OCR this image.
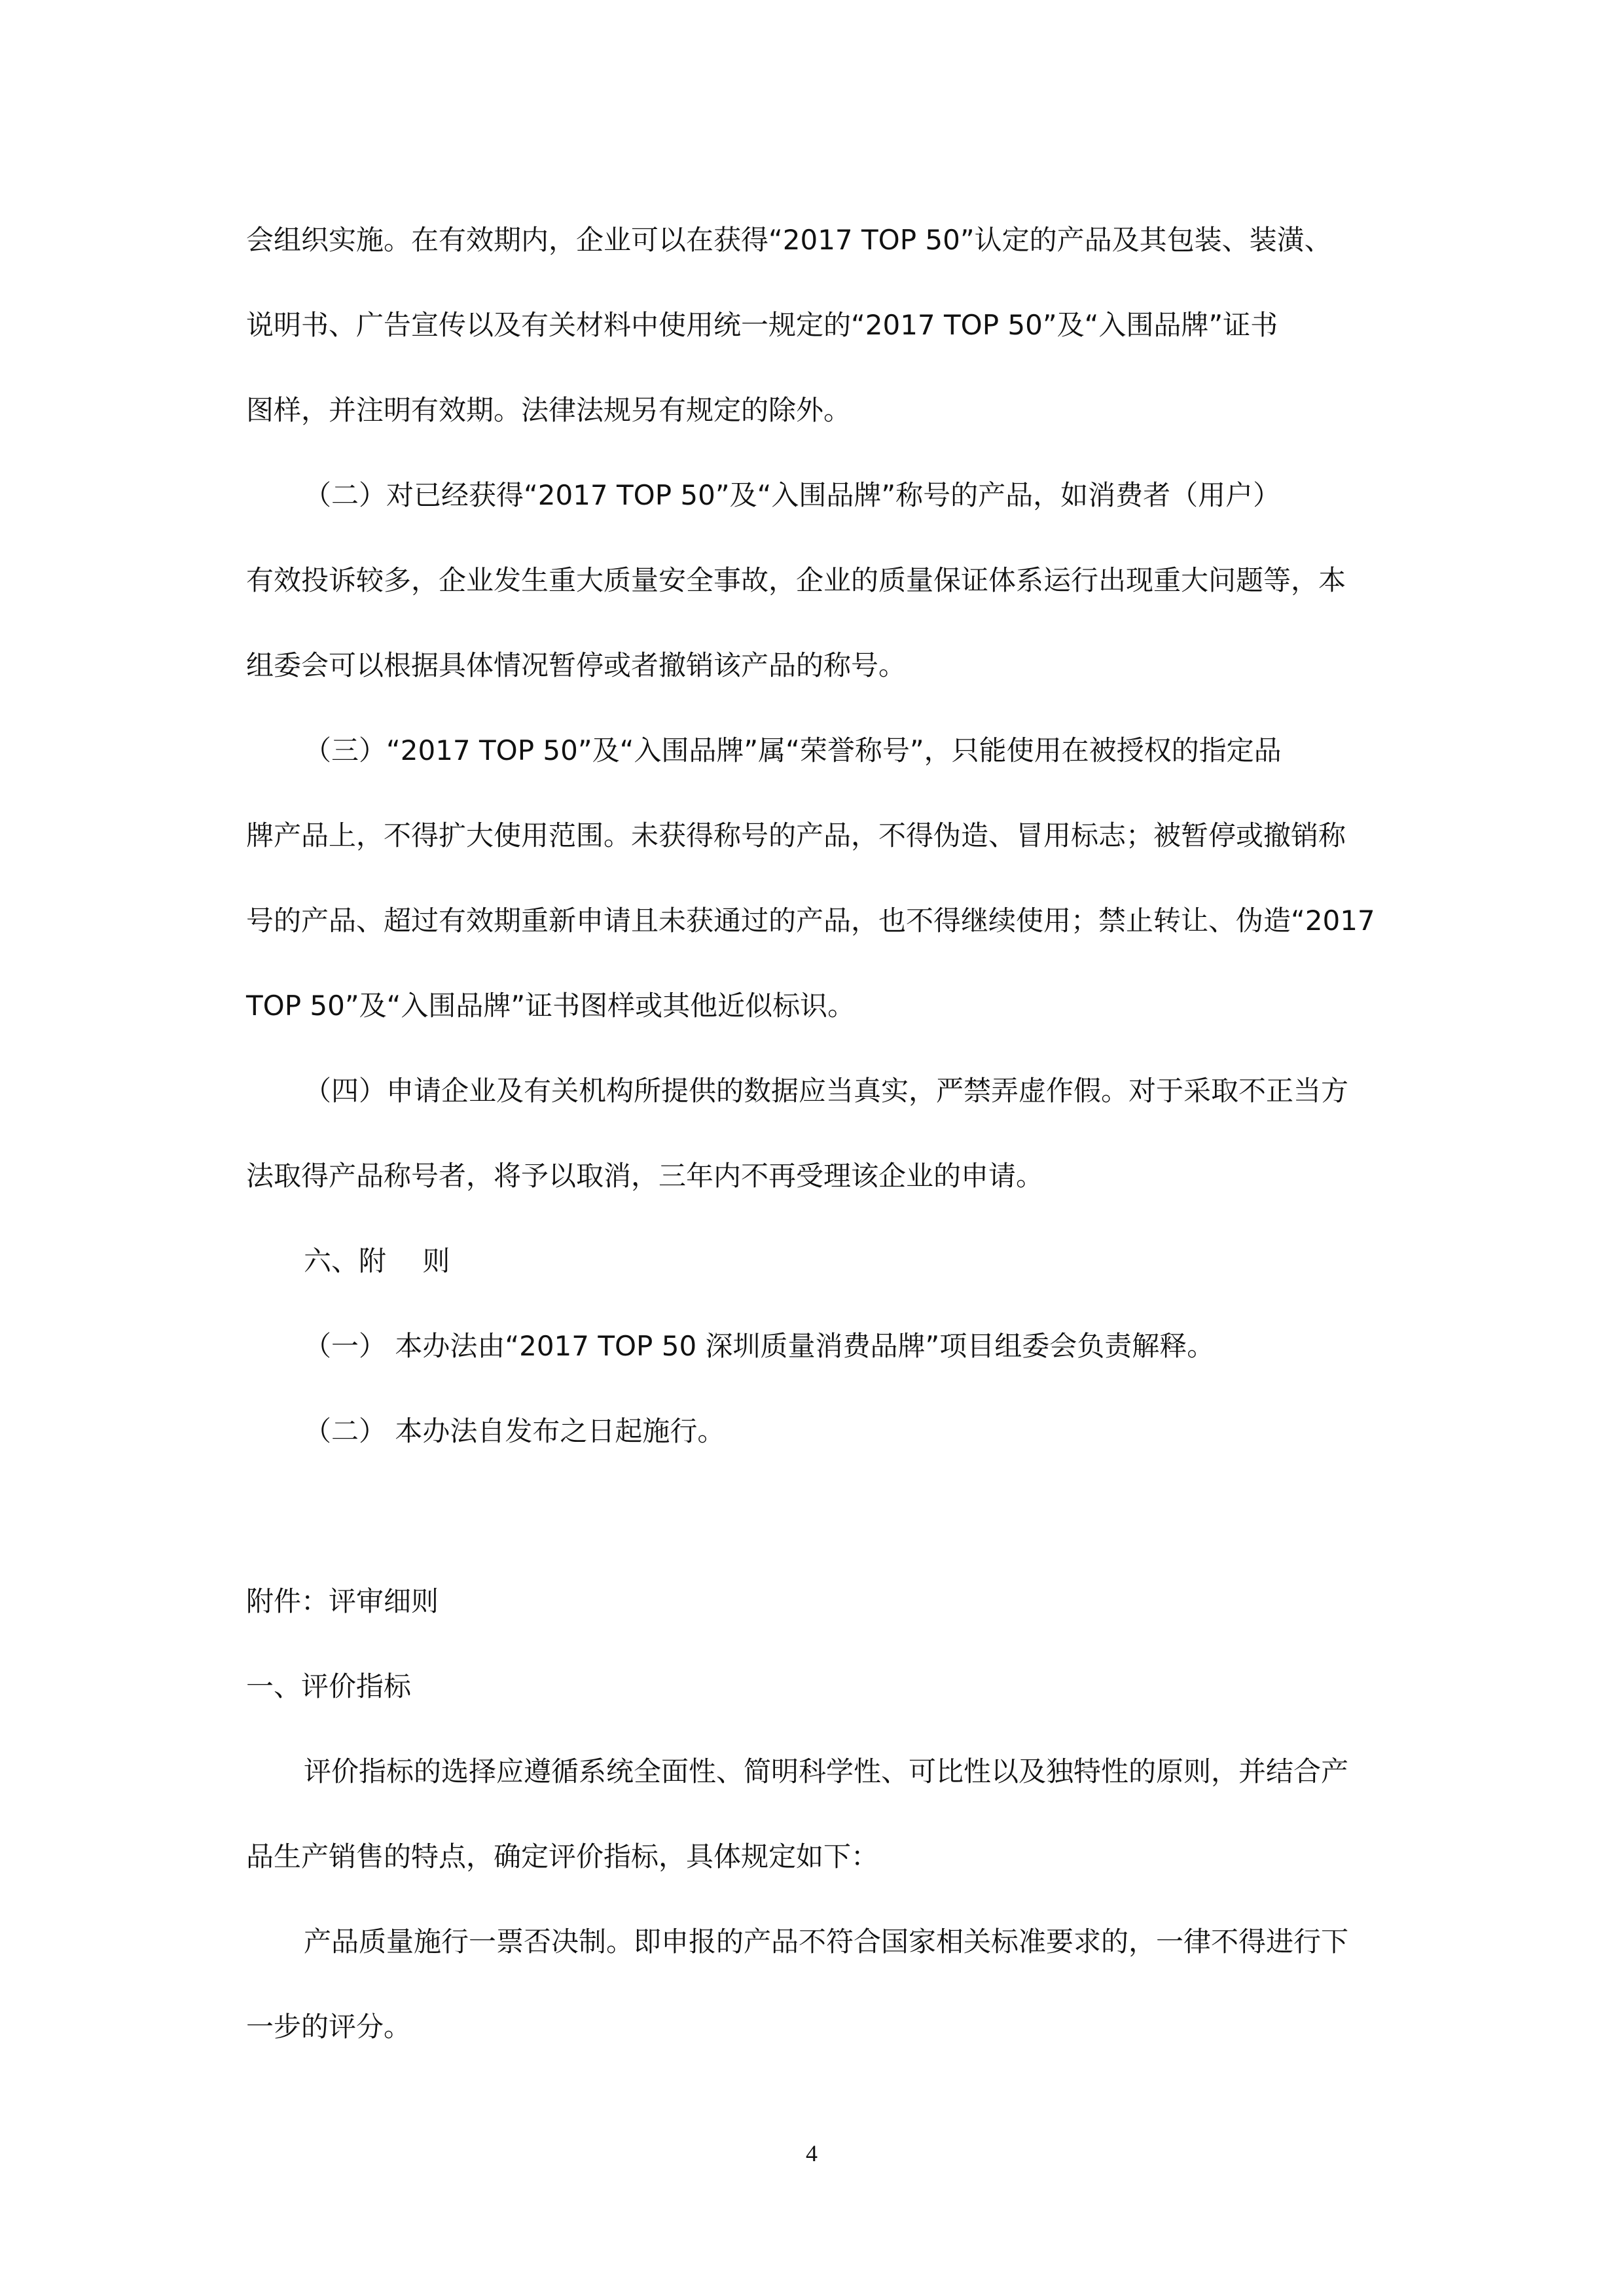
会组织实施。在有效期内，企业可以在获得“2017 TOP 50”认定的产品及其包装、装潢、
说明书、广告宣传以及有关材料中使用统一规定的“2017 TOP 50”及“入围品牌”证书
图样，并注明有效期。法律法规另有规定的除外。
（二）对已经获得“2017 TOP 50”及“入围品牌”称号的产品，如消费者（用户）
有效投诉较多，企业发生重大质量安全事故，企业的质量保证体系运行出现重大问题等，本
组委会可以根据具体情况暂停或者撤销该产品的称号。
（三）“2017 TOP 50”及“入围品牌”属“荣誉称号”，只能使用在被授权的指定品
牌产品上，不得扩大使用范围。未获得称号的产品，不得伪造、冒用标志；被暂停或撤销称
号的产品、超过有效期重新申请且未获通过的产品，也不得继续使用；禁止转让、伪造“2017
TOP 50”及“入围品牌”证书图样或其他近似标识。
（四）申请企业及有关机构所提供的数据应当真实，严禁弄虚作假。对于采取不正当方
法取得产品称号者，将予以取消，三年内不再受理该企业的申请。
六、附　 则
（一） 本办法由“2017 TOP 50 深圳质量消费品牌”项目组委会负责解释。
（二） 本办法自发布之日起施行。
附件：评审细则
一、评价指标
评价指标的选择应遵循系统全面性、简明科学性、可比性以及独特性的原则，并结合产
品生产销售的特点，确定评价指标，具体规定如下：
产品质量施行一票否决制。即申报的产品不符合国家相关标准要求的，一律不得进行下
一步的评分。
4
